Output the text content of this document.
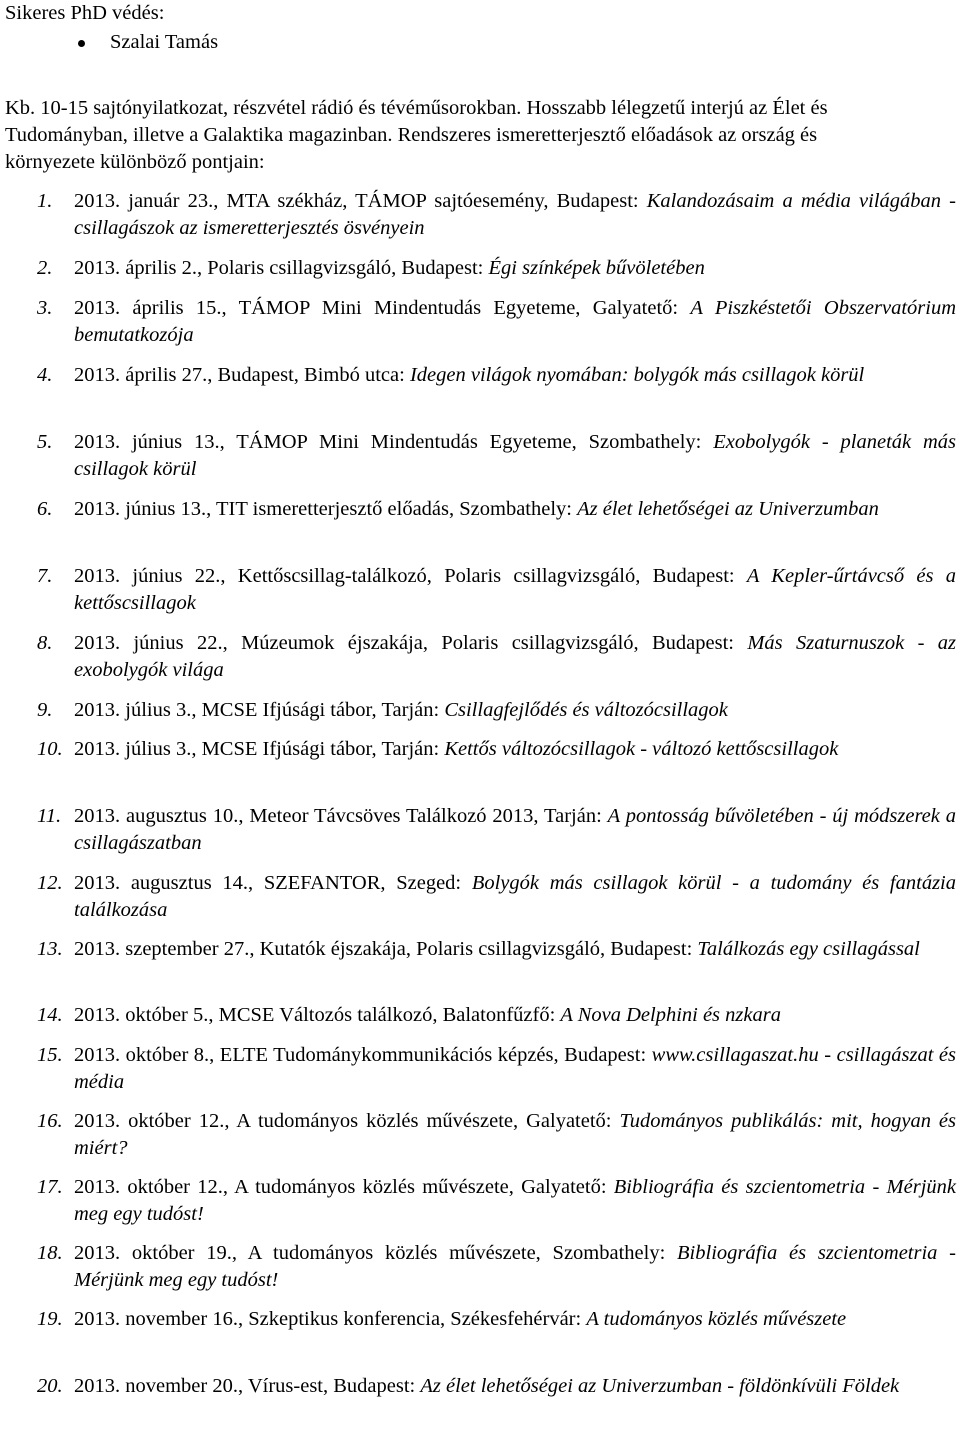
Sikeres PhD védés:
Szalai Tamás

Kb. 10-15 sajtónyilatkozat, részvétel rádió és tévéműsorokban. Hosszabb lélegzetű interjú az Élet és

Tudományban, illetve a Galaktika magazinban. Rendszeres ismeretterjesztő előadások az ország és

környezete különböző pontjain:

1. 2013. január 23., MTA székház, TÁMOP sajtóesemény, Budapest: Kalandozásaim a média világában - csillagászok az ismeretterjesztés ösvényein
2. 2013. április 2., Polaris csillagvizsgáló, Budapest: Égi színképek bűvöletében
3. 2013. április 15., TÁMOP Mini Mindentudás Egyeteme, Galyatető: A Piszkéstetői Obszervatórium bemutatkozója
4. 2013. április 27., Budapest, Bimbó utca: Idegen világok nyomában: bolygók más csillagok körül
5. 2013. június 13., TÁMOP Mini Mindentudás Egyeteme, Szombathely: Exobolygók - planeták más csillagok körül
6. 2013. június 13., TIT ismeretterjesztő előadás, Szombathely: Az élet lehetőségei az Univerzumban
7. 2013. június 22., Kettőscsillag-találkozó, Polaris csillagvizsgáló, Budapest: A Kepler-űrtávcső és a kettőscsillagok
8. 2013. június 22., Múzeumok éjszakája, Polaris csillagvizsgáló, Budapest: Más Szaturnuszok - az exobolygók világa
9. 2013. július 3., MCSE Ifjúsági tábor, Tarján: Csillagfejlődés és változócsillagok
10. 2013. július 3., MCSE Ifjúsági tábor, Tarján: Kettős változócsillagok - változó kettőscsillagok
11. 2013. augusztus 10., Meteor Távcsöves Találkozó 2013, Tarján: A pontosság bűvöletében - új módszerek a csillagászatban
12. 2013. augusztus 14., SZEFANTOR, Szeged: Bolygók más csillagok körül - a tudomány és fantázia találkozása
13. 2013. szeptember 27., Kutatók éjszakája, Polaris csillagvizsgáló, Budapest: Találkozás egy csillagással
14. 2013. október 5., MCSE Változós találkozó, Balatonfűzfő: A Nova Delphini és nzkara
15. 2013. október 8., ELTE Tudománykommunikációs képzés, Budapest: www.csillagaszat.hu - csillagászat és média
16. 2013. október 12., A tudományos közlés művészete, Galyatető: Tudományos publikálás: mit, hogyan és miért?
17. 2013. október 12., A tudományos közlés művészete, Galyatető: Bibliográfia és szcientometria - Mérjünk meg egy tudóst!
18. 2013. október 19., A tudományos közlés művészete, Szombathely: Bibliográfia és szcientometria - Mérjünk meg egy tudóst!
19. 2013. november 16., Szkeptikus konferencia, Székesfehérvár: A tudományos közlés művészete
20. 2013. november 20., Vírus-est, Budapest: Az élet lehetőségei az Univerzumban - földönkívüli Földek
